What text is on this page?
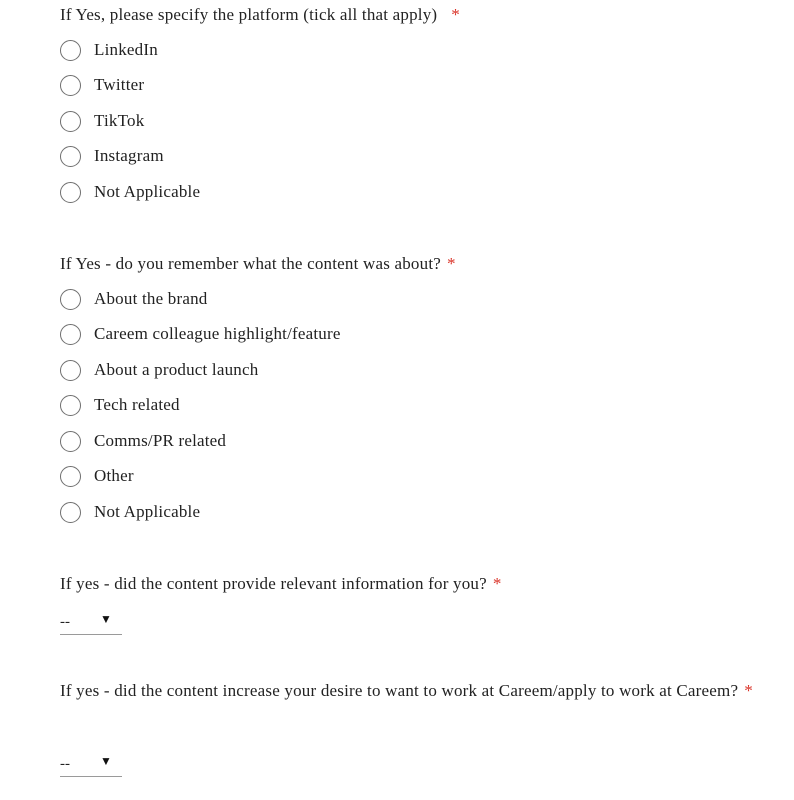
If Yes, please specify the platform (tick all that apply) *
LinkedIn
Twitter
TikTok
Instagram
Not Applicable
If Yes - do you remember what the content was about? *
About the brand
Careem colleague highlight/feature
About a product launch
Tech related
Comms/PR related
Other
Not Applicable
If yes - did the content provide relevant information for you? *
--	▼
If yes - did the content increase your desire to want to work at Careem/apply to work at Careem? *
--	▼
